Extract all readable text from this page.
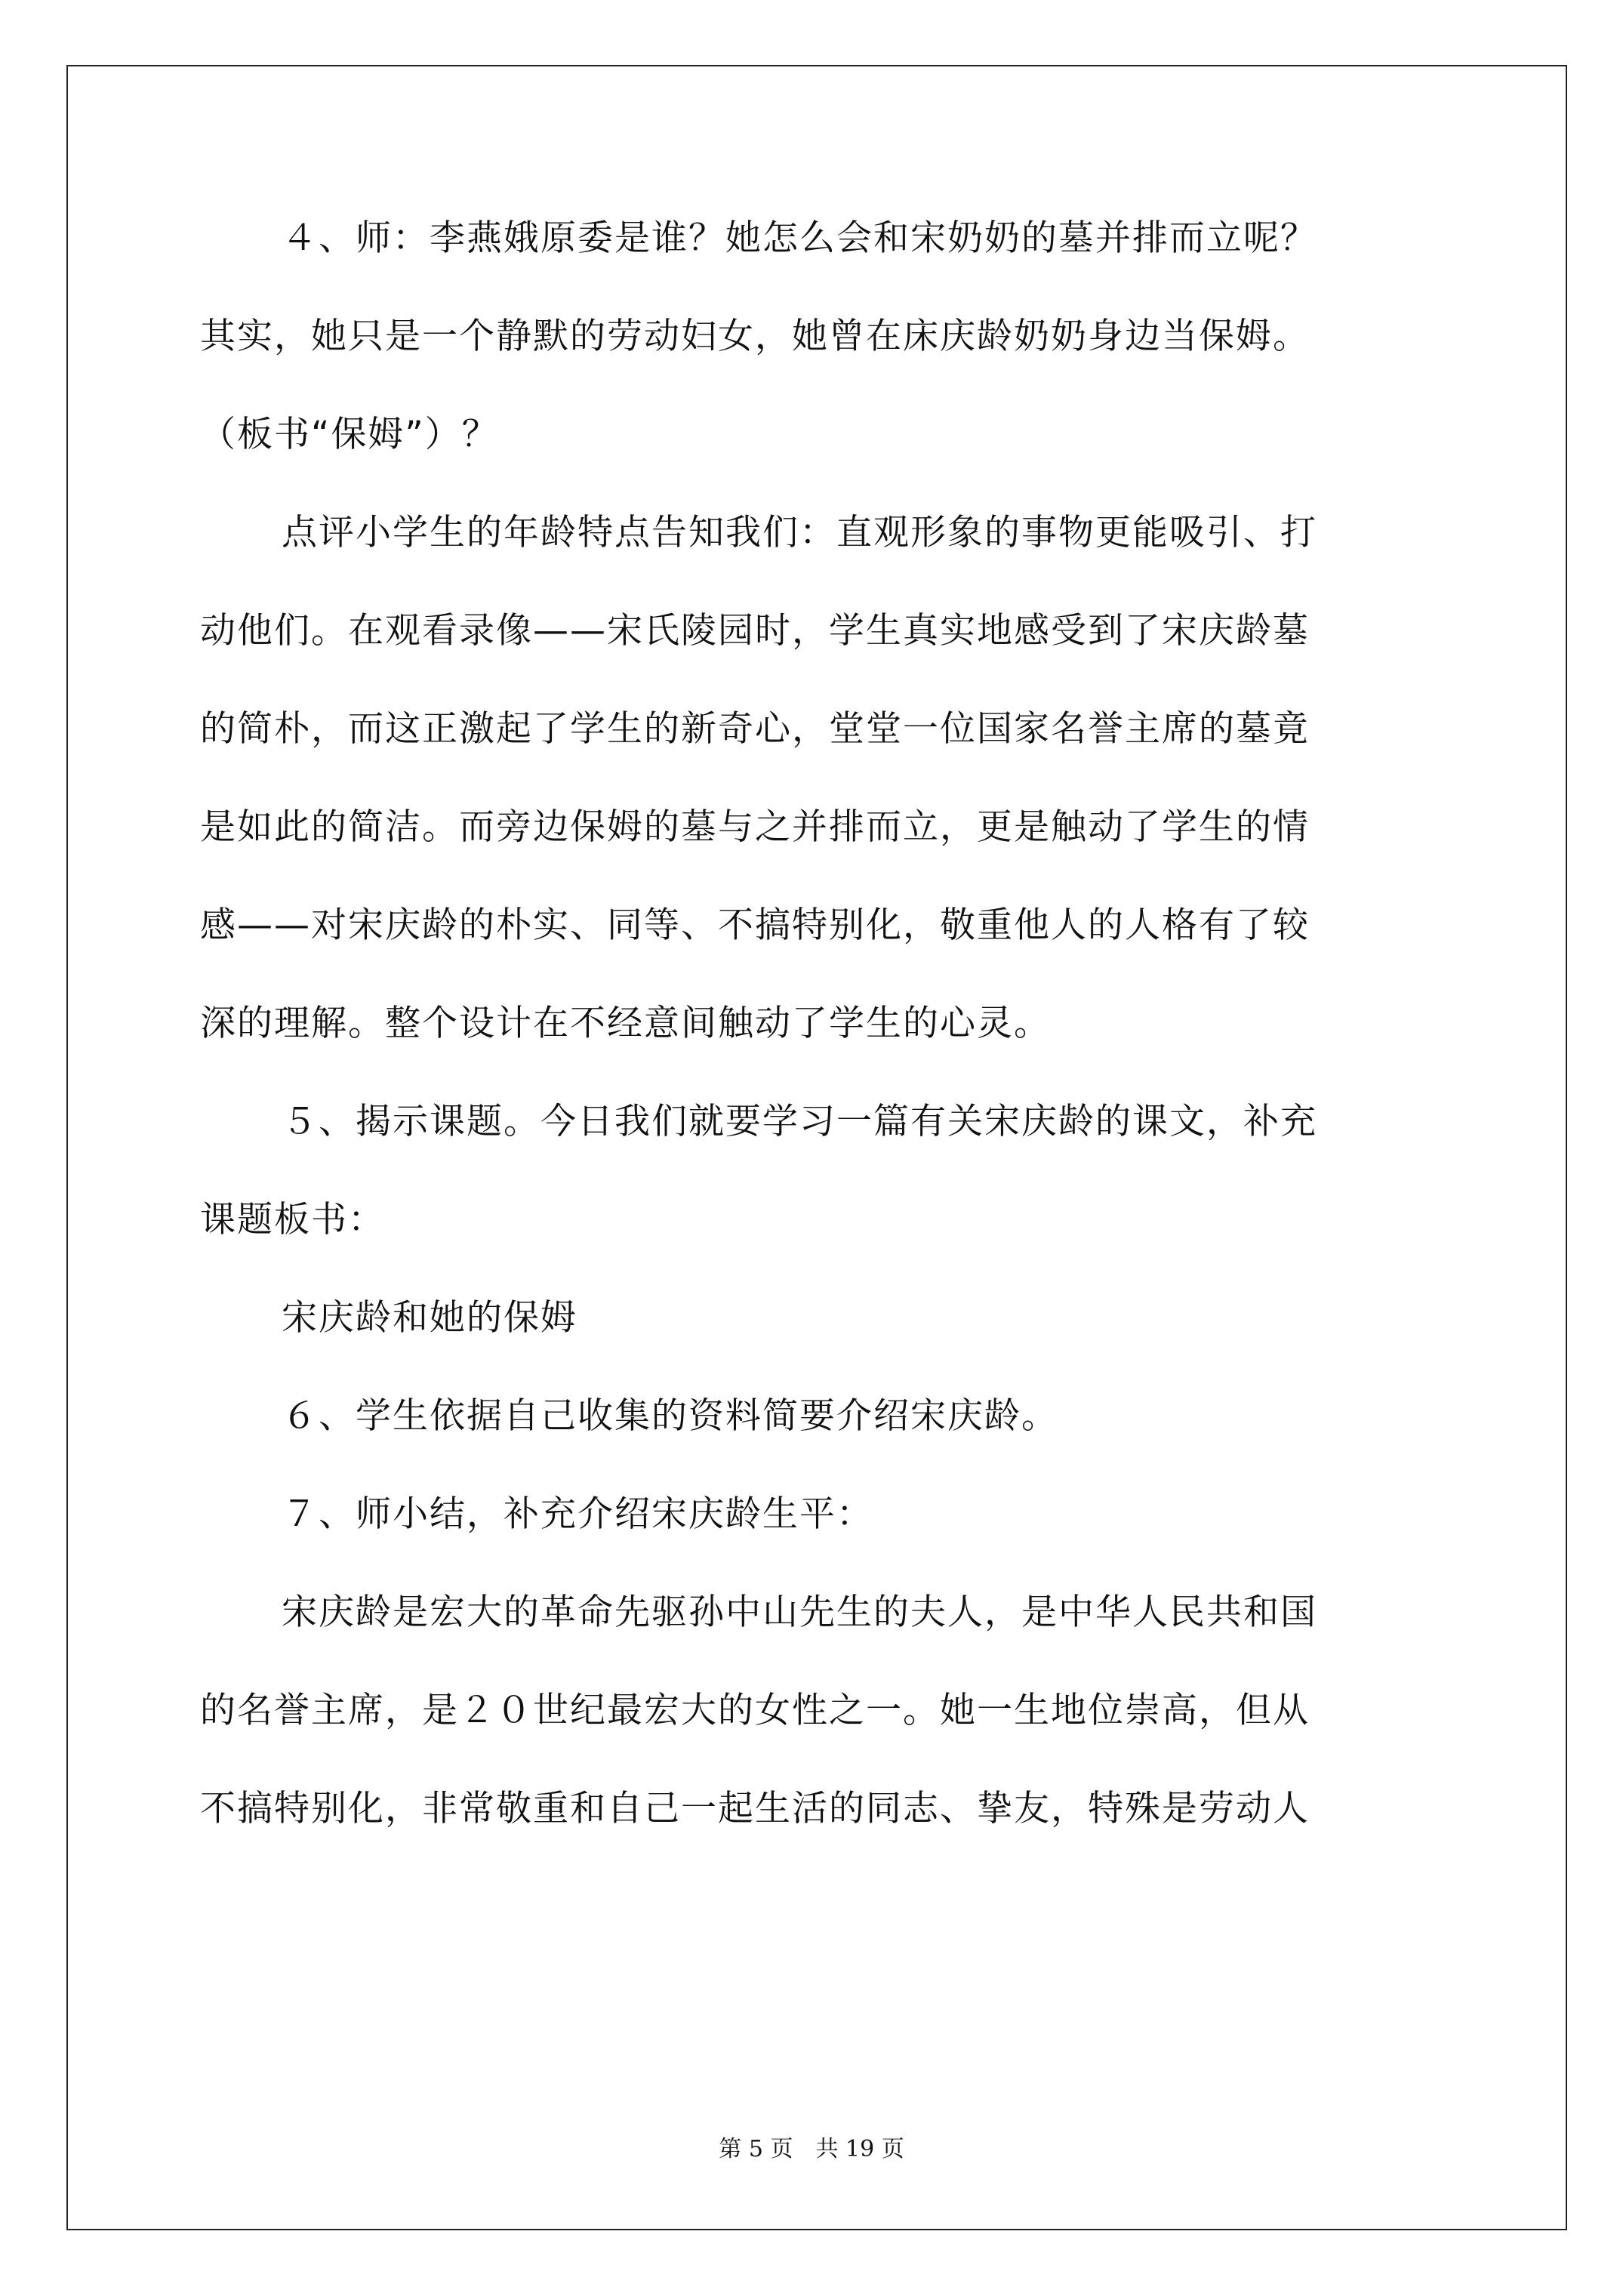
４、师：李燕娥原委是谁？她怎么会和宋奶奶的墓并排而立呢？
其实，她只是一个静默的劳动妇女，她曾在床庆龄奶奶身边当保姆。
（板书“保姆”）？
点评小学生的年龄特点告知我们：直观形象的事物更能吸引、打
动他们。在观看录像——宋氏陵园时，学生真实地感受到了宋庆龄墓
的简朴，而这正激起了学生的新奇心，堂堂一位国家名誉主席的墓竟
是如此的简洁。而旁边保姆的墓与之并排而立，更是触动了学生的情
感——对宋庆龄的朴实、同等、不搞特别化，敬重他人的人格有了较
深的理解。整个设计在不经意间触动了学生的心灵。
５、揭示课题。今日我们就要学习一篇有关宋庆龄的课文，补充
课题板书：
宋庆龄和她的保姆
６、学生依据自己收集的资料简要介绍宋庆龄。
７、师小结，补充介绍宋庆龄生平：
宋庆龄是宏大的革命先驱孙中山先生的夫人，是中华人民共和国
的名誉主席，是２０世纪最宏大的女性之一。她一生地位崇高，但从
不搞特别化，非常敬重和自己一起生活的同志、挚友，特殊是劳动人
第 5 页　共 19 页
